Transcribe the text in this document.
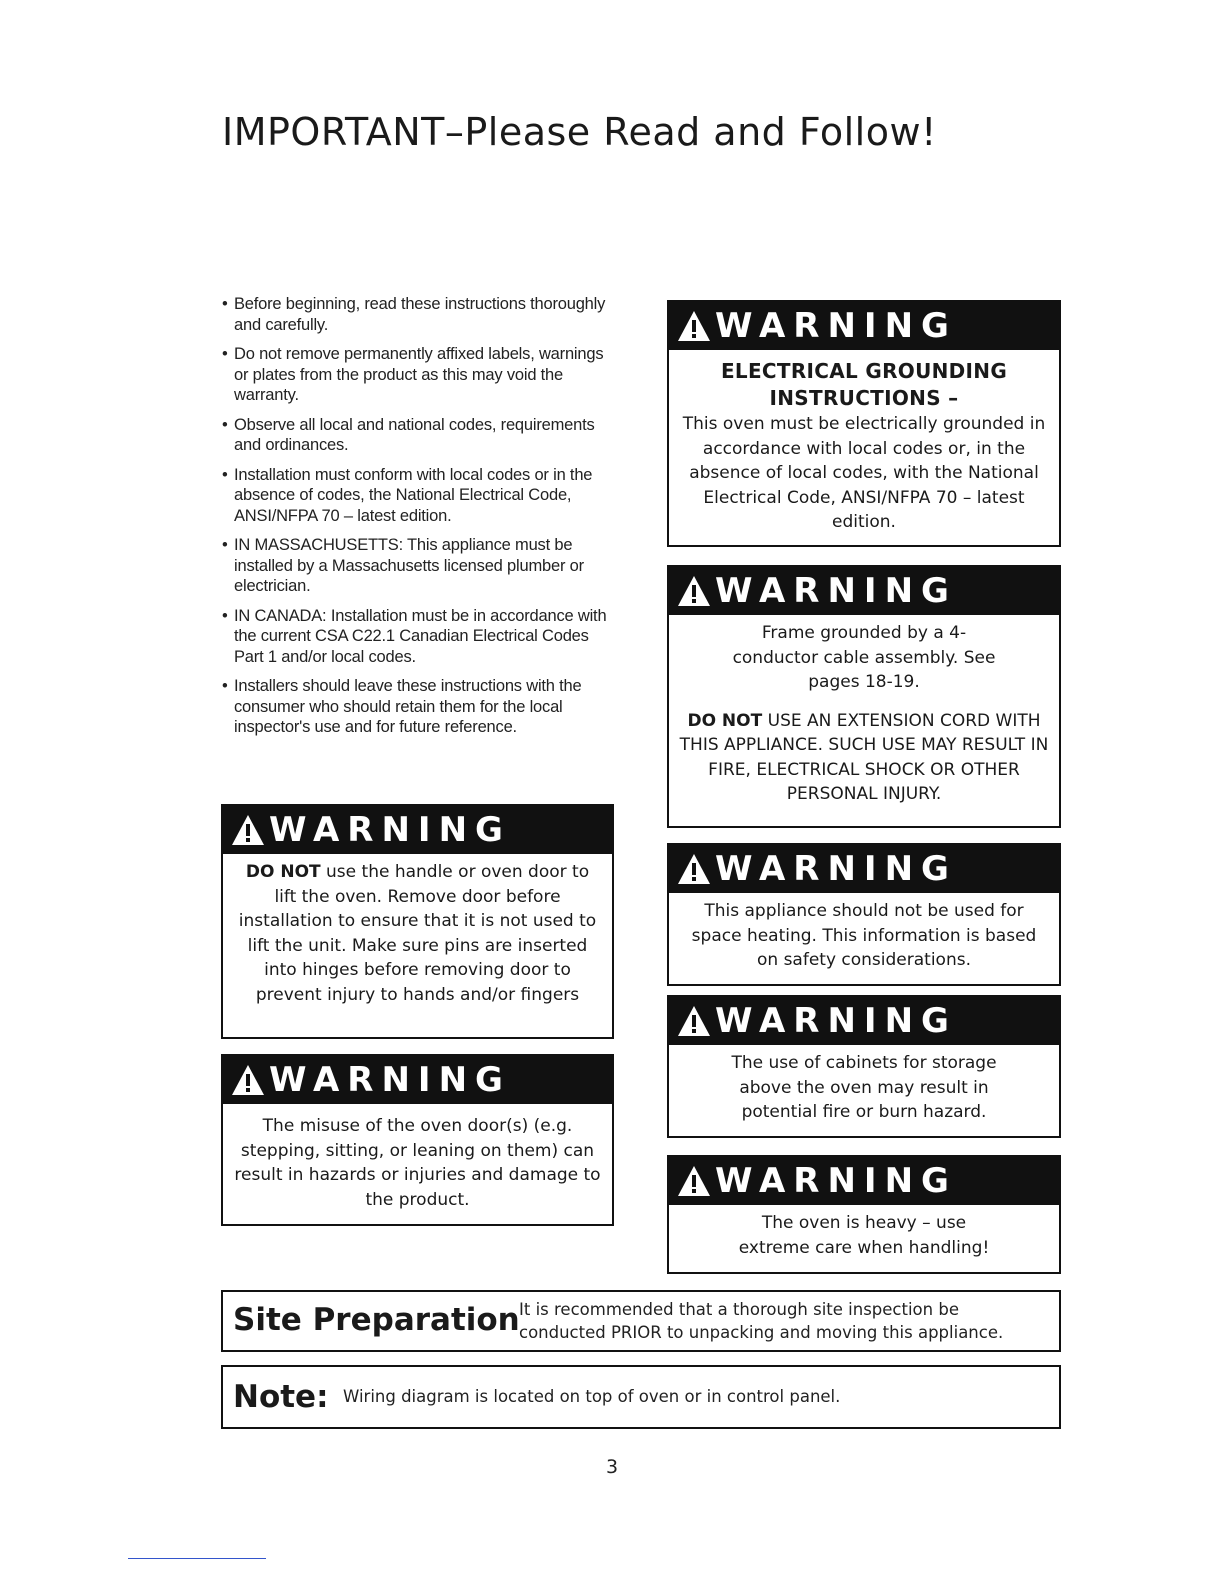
IMPORTANT–Please Read and Follow!
• Before beginning, read these instructions thoroughly and carefully.
• Do not remove permanently affixed labels, warnings or plates from the product as this may void the warranty.
• Observe all local and national codes, requirements and ordinances.
• Installation must conform with local codes or in the absence of codes, the National Electrical Code, ANSI/NFPA 70 – latest edition.
• IN MASSACHUSETTS: This appliance must be installed by a Massachusetts licensed plumber or electrician.
• IN CANADA: Installation must be in accordance with the current CSA C22.1 Canadian Electrical Codes Part 1 and/or local codes.
• Installers should leave these instructions with the consumer who should retain them for the local inspector's use and for future reference.
WARNING
DO NOT use the handle or oven door to lift the oven. Remove door before installation to ensure that it is not used to lift the unit. Make sure pins are inserted into hinges before removing door to prevent injury to hands and/or fingers
WARNING
The misuse of the oven door(s) (e.g. stepping, sitting, or leaning on them) can result in hazards or injuries and damage to the product.
WARNING
ELECTRICAL GROUNDING INSTRUCTIONS –
This oven must be electrically grounded in accordance with local codes or, in the absence of local codes, with the National Electrical Code, ANSI/NFPA 70 – latest edition.
WARNING
Frame grounded by a 4-conductor cable assembly. See pages 18-19.
DO NOT USE AN EXTENSION CORD WITH THIS APPLIANCE. SUCH USE MAY RESULT IN FIRE, ELECTRICAL SHOCK OR OTHER PERSONAL INJURY.
WARNING
This appliance should not be used for space heating. This information is based on safety considerations.
WARNING
The use of cabinets for storage above the oven may result in potential fire or burn hazard.
WARNING
The oven is heavy – use extreme care when handling!
Site Preparation It is recommended that a thorough site inspection be conducted PRIOR to unpacking and moving this appliance.
Note: Wiring diagram is located on top of oven or in control panel.
3
